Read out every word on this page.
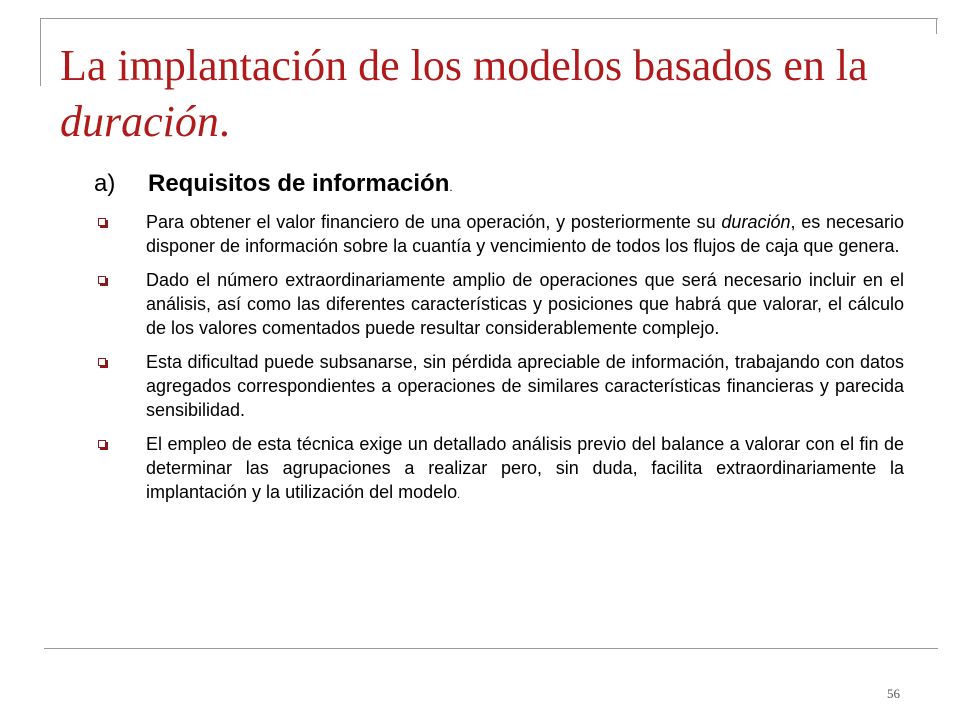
La implantación de los modelos basados en la duración.
a) Requisitos de información.

Para obtener el valor financiero de una operación, y posteriormente su duración, es necesario disponer de información sobre la cuantía y vencimiento de todos los flujos de caja que genera.

Dado el número extraordinariamente amplio de operaciones que será necesario incluir en el análisis, así como las diferentes características y posiciones que habrá que valorar, el cálculo de los valores comentados puede resultar considerablemente complejo.

Esta dificultad puede subsanarse, sin pérdida apreciable de información, trabajando con datos agregados correspondientes a operaciones de similares características financieras y parecida sensibilidad.

El empleo de esta técnica exige un detallado análisis previo del balance a valorar con el fin de determinar las agrupaciones a realizar pero, sin duda, facilita extraordinariamente la implantación y la utilización del modelo.

56
